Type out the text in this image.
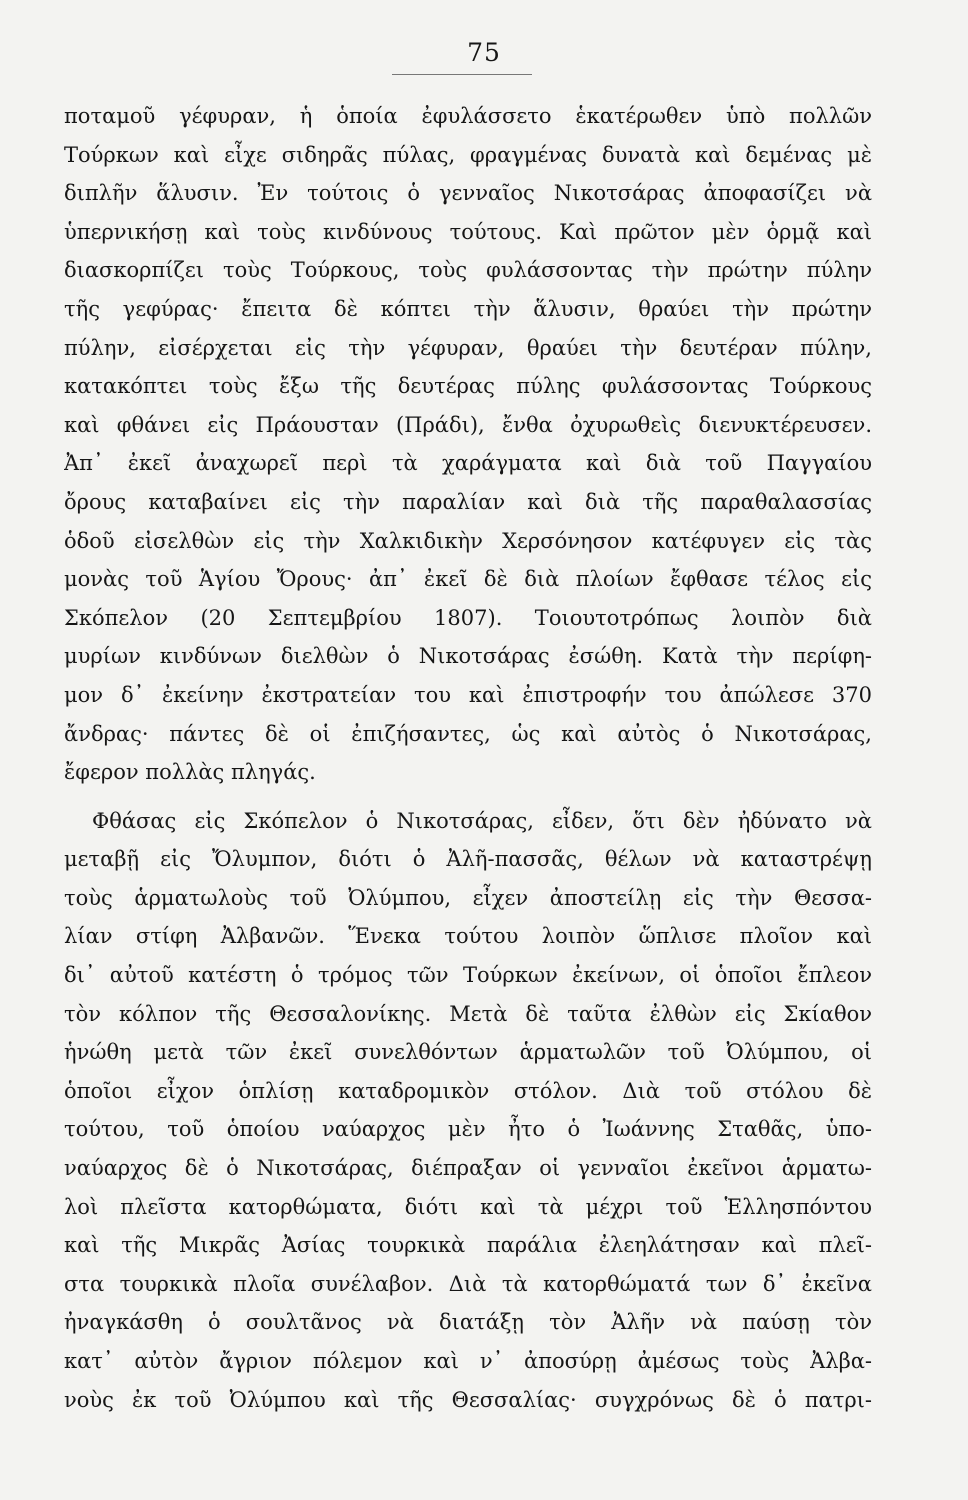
75
ποταμοῦ γέφυραν, ἡ ὁποία ἐφυλάσσετο ἑκατέρωθεν ὑπὸ πολλῶν
Τούρκων καὶ εἶχε σιδηρᾶς πύλας, φραγμένας δυνατὰ καὶ δεμένας μὲ
διπλῆν ἅλυσιν. Ἐν τούτοις ὁ γενναῖος Νικοτσάρας ἀποφασίζει νὰ
ὑπερνικήσῃ καὶ τοὺς κινδύνους τούτους. Καὶ πρῶτον μὲν ὁρμᾷ καὶ
διασκορπίζει τοὺς Τούρκους, τοὺς φυλάσσοντας τὴν πρώτην πύλην
τῆς γεφύρας· ἔπειτα δὲ κόπτει τὴν ἅλυσιν, θραύει τὴν πρώτην
πύλην, εἰσέρχεται εἰς τὴν γέφυραν, θραύει τὴν δευτέραν πύλην,
κατακόπτει τοὺς ἔξω τῆς δευτέρας πύλης φυλάσσοντας Τούρκους
καὶ φθάνει εἰς Πράουσταν (Πράδι), ἔνθα ὀχυρωθεὶς διενυκτέρευσεν.
Ἀπ᾿ ἐκεῖ ἀναχωρεῖ περὶ τὰ χαράγματα καὶ διὰ τοῦ Παγγαίου
ὄρους καταβαίνει εἰς τὴν παραλίαν καὶ διὰ τῆς παραθαλασσίας
ὁδοῦ εἰσελθὼν εἰς τὴν Χαλκιδικὴν Χερσόνησον κατέφυγεν εἰς τὰς
μονὰς τοῦ Ἁγίου Ὄρους· ἀπ᾿ ἐκεῖ δὲ διὰ πλοίων ἔφθασε τέλος εἰς
Σκόπελον (20 Σεπτεμβρίου 1807). Τοιουτοτρόπως λοιπὸν διὰ
μυρίων κινδύνων διελθὼν ὁ Νικοτσάρας ἐσώθη. Κατὰ τὴν περίφη-
μον δ᾿ ἐκείνην ἐκστρατείαν του καὶ ἐπιστροφήν του ἀπώλεσε 370
ἄνδρας· πάντες δὲ οἱ ἐπιζήσαντες, ὡς καὶ αὐτὸς ὁ Νικοτσάρας,
ἔφερον πολλὰς πληγάς.
Φθάσας εἰς Σκόπελον ὁ Νικοτσάρας, εἶδεν, ὅτι δὲν ἠδύνατο νὰ
μεταβῇ εἰς Ὄλυμπον, διότι ὁ Ἀλῆ-πασσᾶς, θέλων νὰ καταστρέψῃ
τοὺς ἁρματωλοὺς τοῦ Ὀλύμπου, εἶχεν ἀποστείλῃ εἰς τὴν Θεσσα-
λίαν στίφη Ἀλβανῶν. Ἕνεκα τούτου λοιπὸν ὥπλισε πλοῖον καὶ
δι᾿ αὐτοῦ κατέστη ὁ τρόμος τῶν Τούρκων ἐκείνων, οἱ ὁποῖοι ἔπλεον
τὸν κόλπον τῆς Θεσσαλονίκης. Μετὰ δὲ ταῦτα ἐλθὼν εἰς Σκίαθον
ἡνώθη μετὰ τῶν ἐκεῖ συνελθόντων ἁρματωλῶν τοῦ Ὀλύμπου, οἱ
ὁποῖοι εἶχον ὁπλίσῃ καταδρομικὸν στόλον. Διὰ τοῦ στόλου δὲ
τούτου, τοῦ ὁποίου ναύαρχος μὲν ἦτο ὁ Ἰωάννης Σταθᾶς, ὑπο-
ναύαρχος δὲ ὁ Νικοτσάρας, διέπραξαν οἱ γενναῖοι ἐκεῖνοι ἁρματω-
λοὶ πλεῖστα κατορθώματα, διότι καὶ τὰ μέχρι τοῦ Ἑλλησπόντου
καὶ τῆς Μικρᾶς Ἀσίας τουρκικὰ παράλια ἐλεηλάτησαν καὶ πλεῖ-
στα τουρκικὰ πλοῖα συνέλαβον. Διὰ τὰ κατορθώματά των δ᾿ ἐκεῖνα
ἠναγκάσθη ὁ σουλτᾶνος νὰ διατάξῃ τὸν Ἀλῆν νὰ παύσῃ τὸν
κατ᾿ αὐτὸν ἄγριον πόλεμον καὶ ν᾿ ἀποσύρῃ ἀμέσως τοὺς Ἀλβα-
νοὺς ἐκ τοῦ Ὀλύμπου καὶ τῆς Θεσσαλίας· συγχρόνως δὲ ὁ πατρι-
